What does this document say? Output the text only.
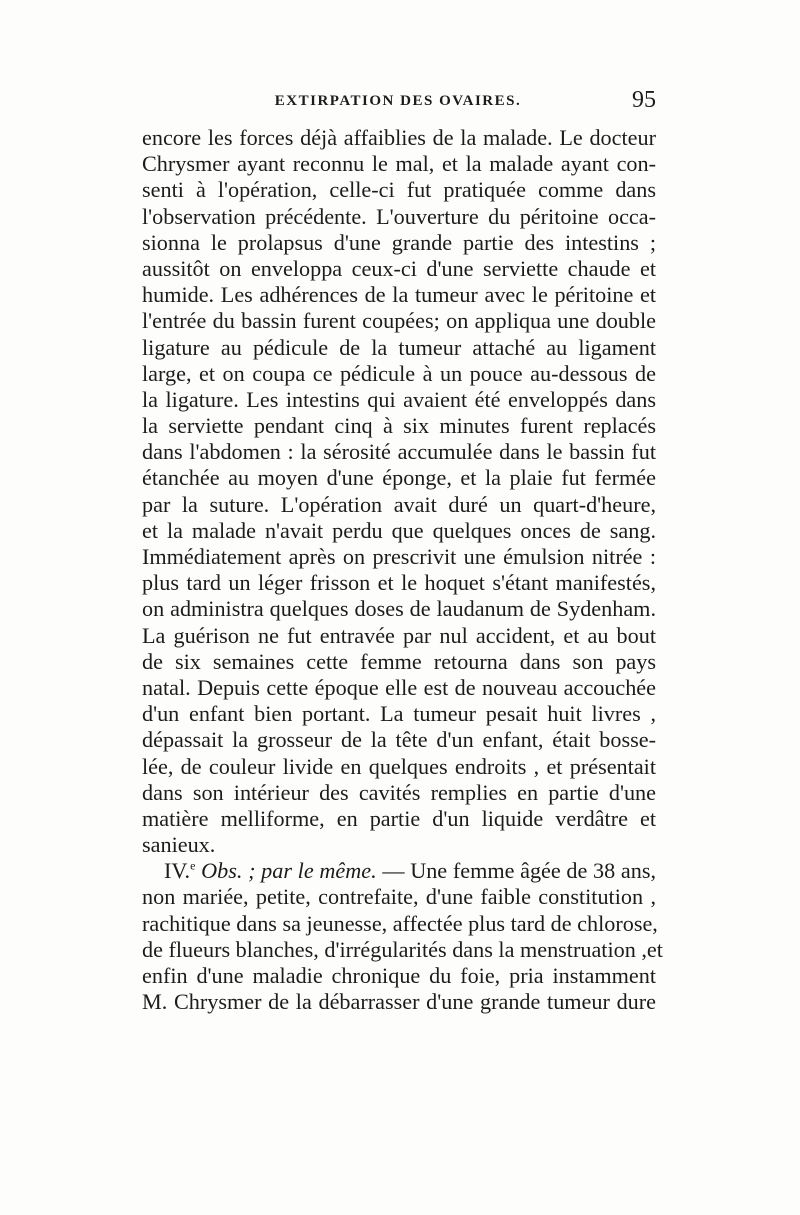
EXTIRPATION DES OVAIRES.	95
encore les forces déjà affaiblies de la malade. Le docteur
Chrysmer ayant reconnu le mal, et la malade ayant con-
senti à l'opération, celle-ci fut pratiquée comme dans
l'observation précédente. L'ouverture du péritoine occa-
sionna le prolapsus d'une grande partie des intestins ;
aussitôt on enveloppa ceux-ci d'une serviette chaude et
humide. Les adhérences de la tumeur avec le péritoine et
l'entrée du bassin furent coupées; on appliqua une double
ligature au pédicule de la tumeur attaché au ligament
large, et on coupa ce pédicule à un pouce au-dessous de
la ligature. Les intestins qui avaient été enveloppés dans
la serviette pendant cinq à six minutes furent replacés
dans l'abdomen : la sérosité accumulée dans le bassin fut
étanchée au moyen d'une éponge, et la plaie fut fermée
par la suture. L'opération avait duré un quart-d'heure,
et la malade n'avait perdu que quelques onces de sang.
Immédiatement après on prescrivit une émulsion nitrée :
plus tard un léger frisson et le hoquet s'étant manifestés,
on administra quelques doses de laudanum de Sydenham.
La guérison ne fut entravée par nul accident, et au bout
de six semaines cette femme retourna dans son pays
natal. Depuis cette époque elle est de nouveau accouchée
d'un enfant bien portant. La tumeur pesait huit livres ,
dépassait la grosseur de la tête d'un enfant, était bosse-
lée, de couleur livide en quelques endroits , et présentait
dans son intérieur des cavités remplies en partie d'une
matière melliforme, en partie d'un liquide verdâtre et
sanieux.
IV.$^e$ Obs. ; par le même. — Une femme âgée de 38 ans,
non mariée, petite, contrefaite, d'une faible constitution ,
rachitique dans sa jeunesse, affectée plus tard de chlorose,
de flueurs blanches, d'irrégularités dans la menstruation ,et
enfin d'une maladie chronique du foie, pria instamment
M. Chrysmer de la débarrasser d'une grande tumeur dure
